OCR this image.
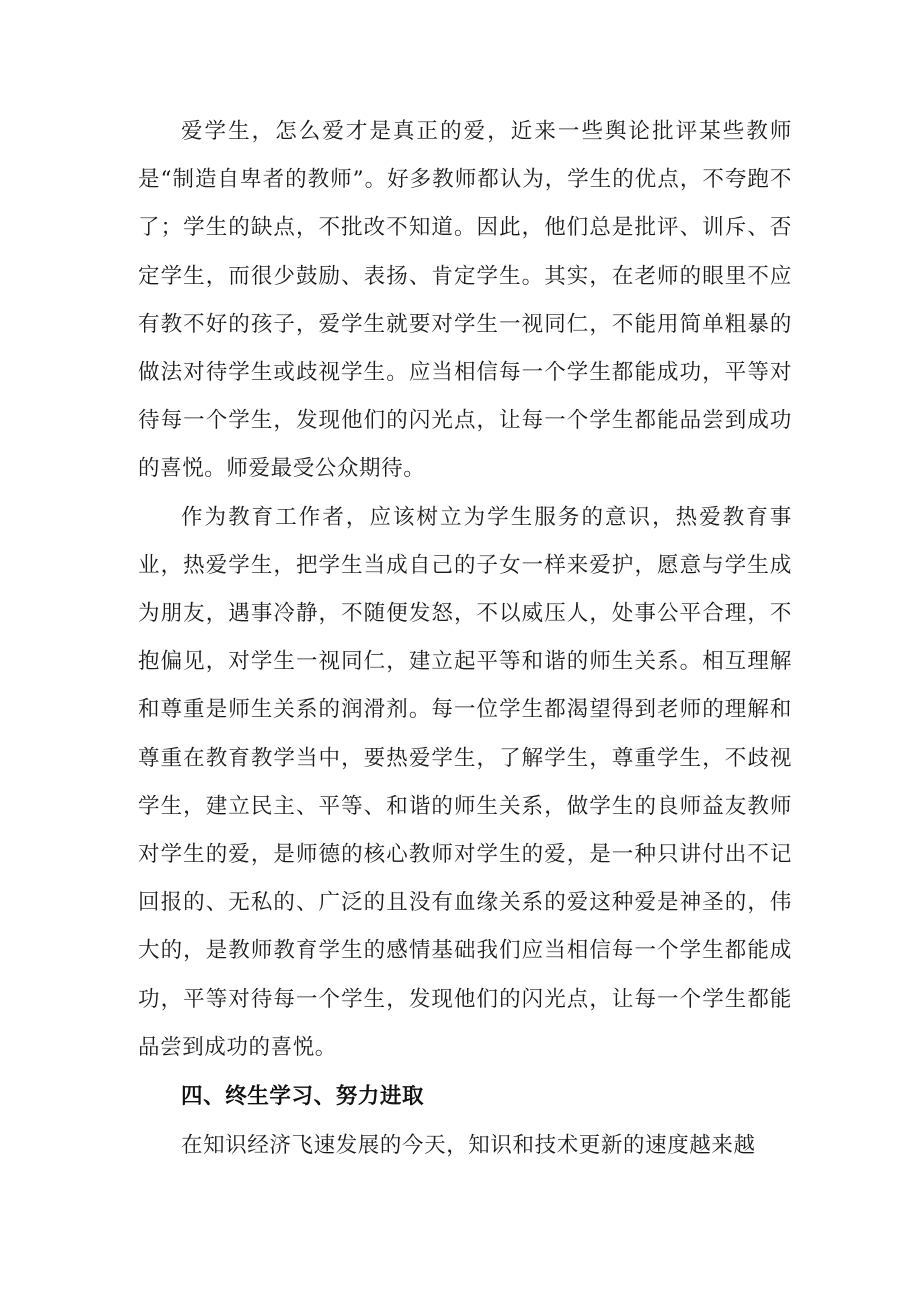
爱学生，怎么爱才是真正的爱，近来一些舆论批评某些教师是“制造自卑者的教师”。好多教师都认为，学生的优点，不夸跑不了；学生的缺点，不批改不知道。因此，他们总是批评、训斥、否定学生，而很少鼓励、表扬、肯定学生。其实，在老师的眼里不应有教不好的孩子，爱学生就要对学生一视同仁，不能用简单粗暴的做法对待学生或歧视学生。应当相信每一个学生都能成功，平等对待每一个学生，发现他们的闪光点，让每一个学生都能品尝到成功的喜悦。师爱最受公众期待。

作为教育工作者，应该树立为学生服务的意识，热爱教育事业，热爱学生，把学生当成自己的子女一样来爱护，愿意与学生成为朋友，遇事冷静，不随便发怒，不以威压人，处事公平合理，不抱偏见，对学生一视同仁，建立起平等和谐的师生关系。相互理解和尊重是师生关系的润滑剂。每一位学生都渴望得到老师的理解和尊重在教育教学当中，要热爱学生，了解学生，尊重学生，不歧视学生，建立民主、平等、和谐的师生关系，做学生的良师益友教师对学生的爱，是师德的核心教师对学生的爱，是一种只讲付出不记回报的、无私的、广泛的且没有血缘关系的爱这种爱是神圣的，伟大的，是教师教育学生的感情基础我们应当相信每一个学生都能成功，平等对待每一个学生，发现他们的闪光点，让每一个学生都能品尝到成功的喜悦。

四、终生学习、努力进取

在知识经济飞速发展的今天，知识和技术更新的速度越来越
